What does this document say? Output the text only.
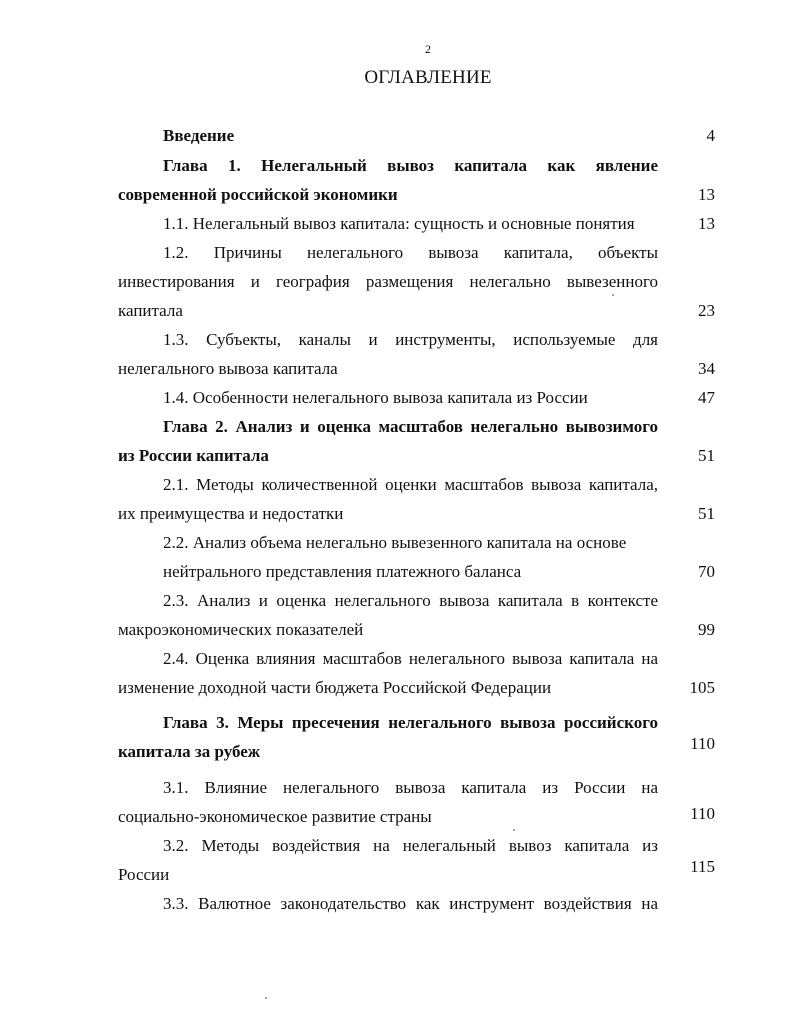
2
ОГЛАВЛЕНИЕ
Введение	4
Глава 1. Нелегальный вывоз капитала как явление
современной российской экономики	13
1.1. Нелегальный вывоз капитала: сущность и основные понятия	13
1.2. Причины нелегального вывоза капитала, объекты
инвестирования и география размещения нелегально вывезенного
капитала	23
1.3. Субъекты, каналы и инструменты, используемые для
нелегального вывоза капитала	34
1.4. Особенности нелегального вывоза капитала из России	47
Глава 2. Анализ и оценка масштабов нелегально вывозимого
из России капитала	51
2.1. Методы количественной оценки масштабов вывоза капитала,
их преимущества и недостатки	51
2.2. Анализ объема нелегально вывезенного капитала на основе
нейтрального представления платежного баланса	70
2.3. Анализ и оценка нелегального вывоза капитала в контексте
макроэкономических показателей	99
2.4. Оценка влияния масштабов нелегального вывоза капитала на
изменение доходной части бюджета Российской Федерации	105
Глава 3. Меры пресечения нелегального вывоза российского
капитала за рубеж	110
3.1. Влияние нелегального вывоза капитала из России на
социально-экономическое развитие страны	110
3.2. Методы воздействия на нелегальный вывоз капитала из
России	115
3.3. Валютное законодательство как инструмент воздействия на
